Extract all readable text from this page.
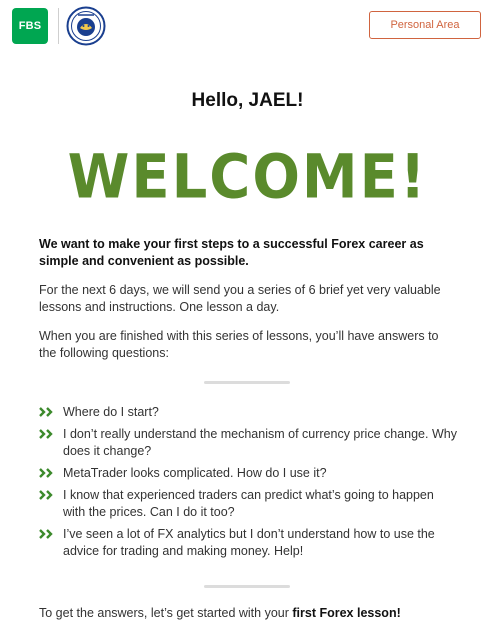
FBS	Personal Area
Hello, JAEL!
WELCOME!
We want to make your first steps to a successful Forex career as simple and convenient as possible.
For the next 6 days, we will send you a series of 6 brief yet very valuable lessons and instructions. One lesson a day.
When you are finished with this series of lessons, you’ll have answers to the following questions:
Where do I start?
I don’t really understand the mechanism of currency price change. Why does it change?
MetaTrader looks complicated. How do I use it?
I know that experienced traders can predict what’s going to happen with the prices. Can I do it too?
I’ve seen a lot of FX analytics but I don’t understand how to use the advice for trading and making money. Help!
To get the answers, let’s get started with your first Forex lesson!
